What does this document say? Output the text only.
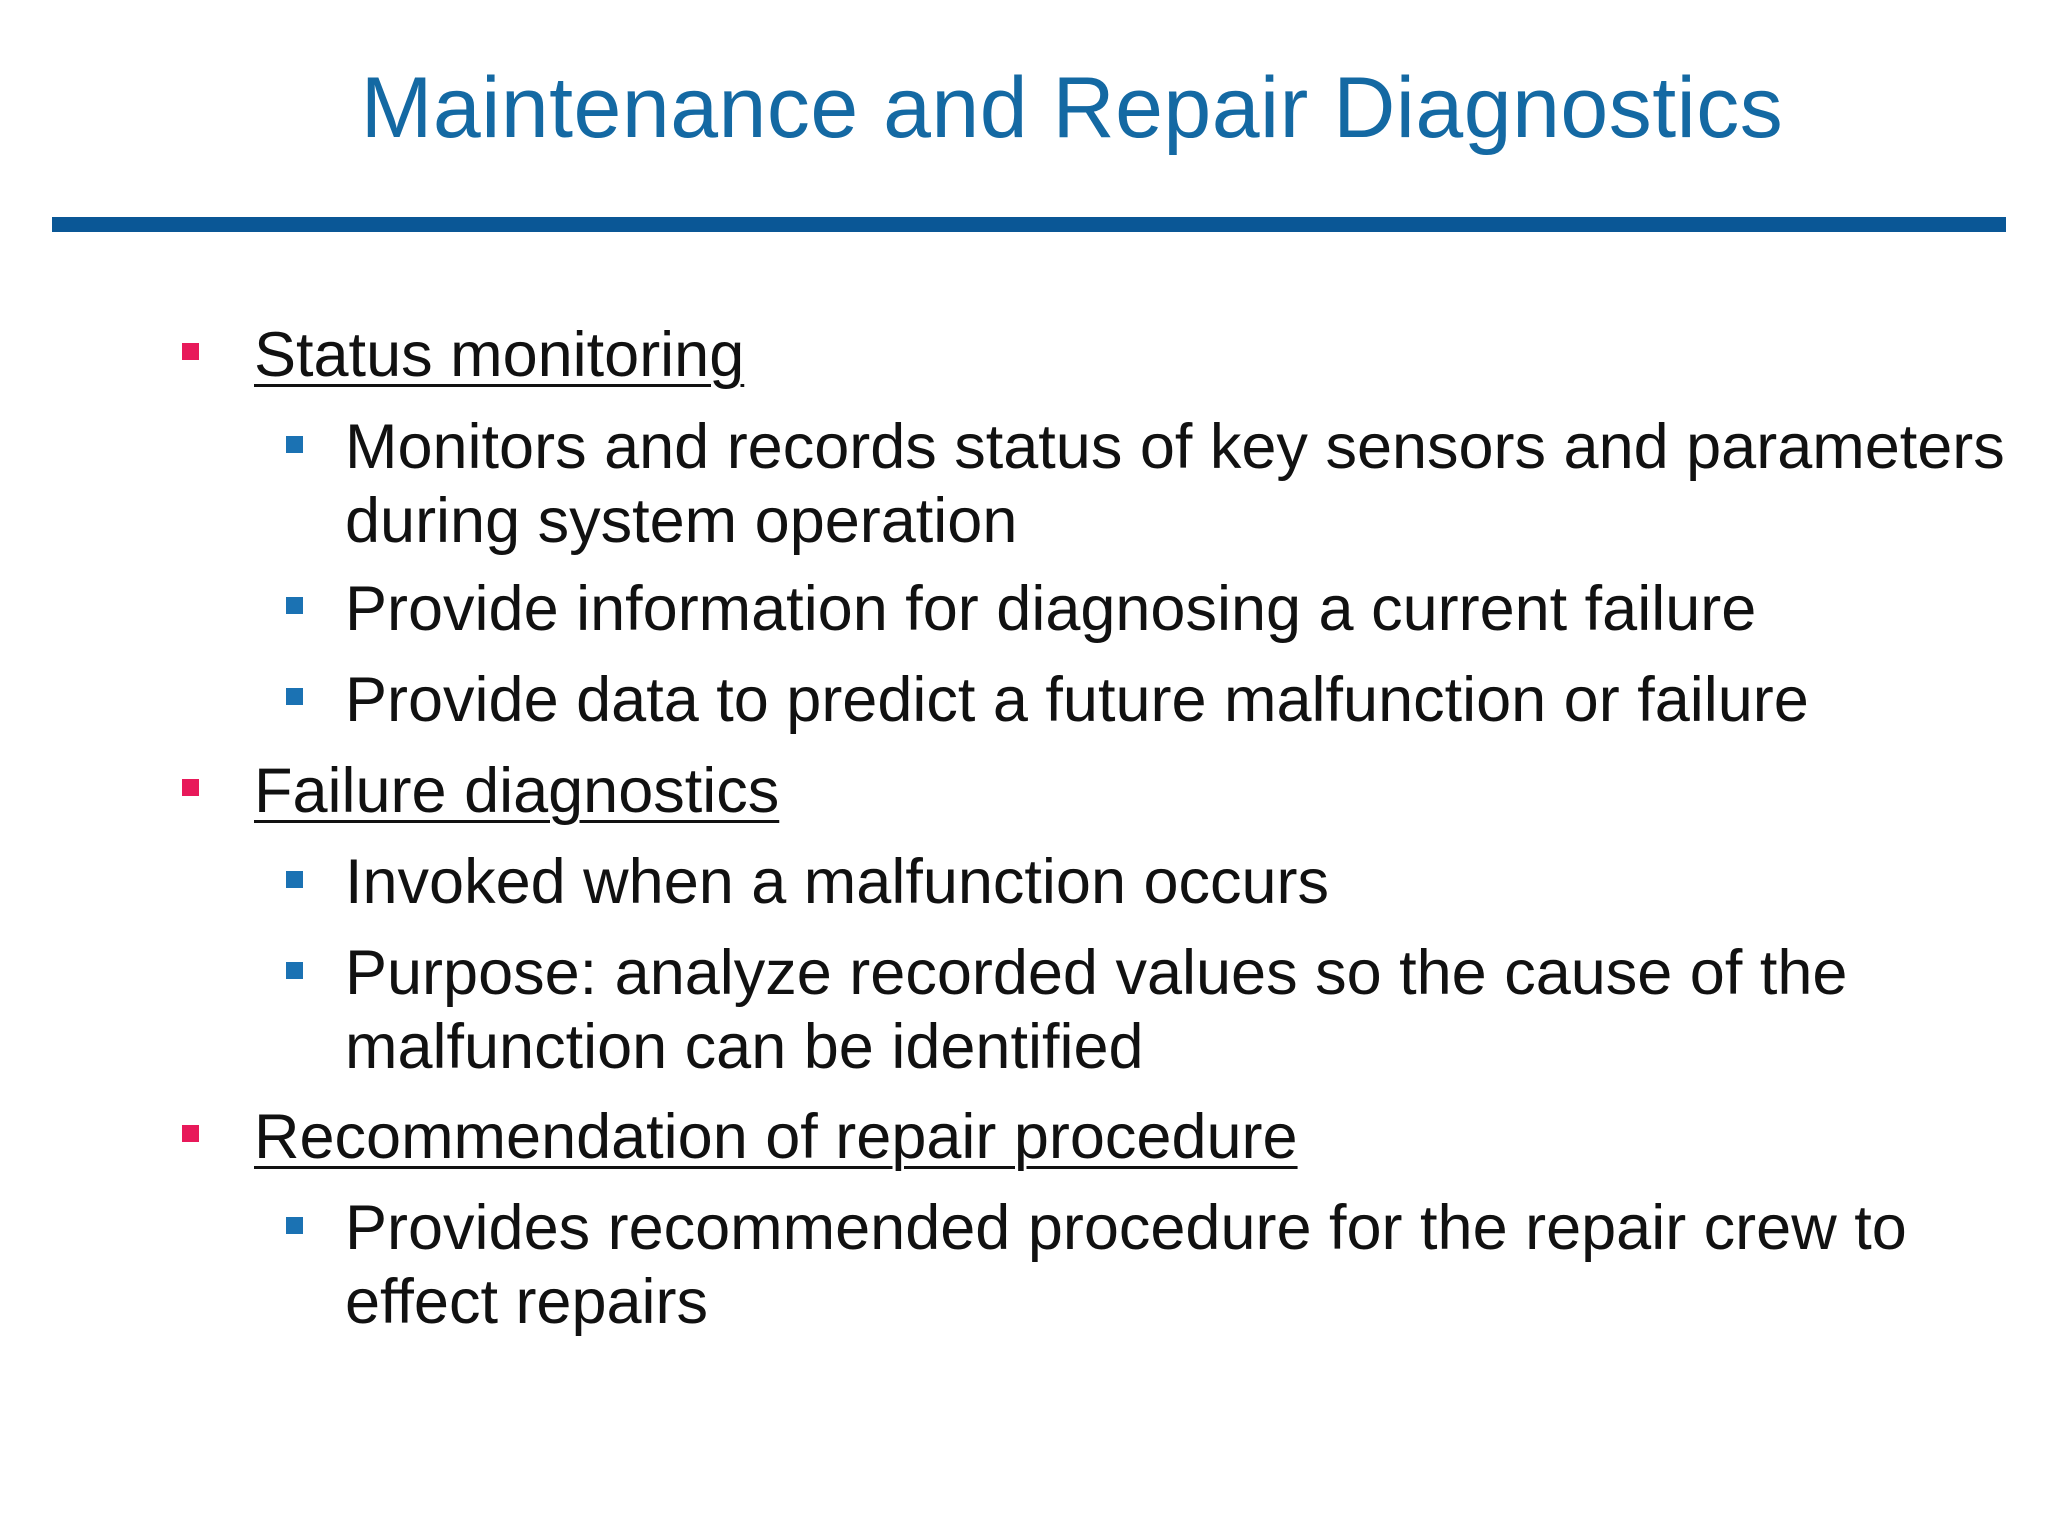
Maintenance and Repair Diagnostics
Status monitoring
Monitors and records status of key sensors and parameters during system operation
Provide information for diagnosing a current failure
Provide data to predict a future malfunction or failure
Failure diagnostics
Invoked when a malfunction occurs
Purpose: analyze recorded values so the cause of the malfunction can be identified
Recommendation of repair procedure
Provides recommended procedure for the repair crew to effect repairs
